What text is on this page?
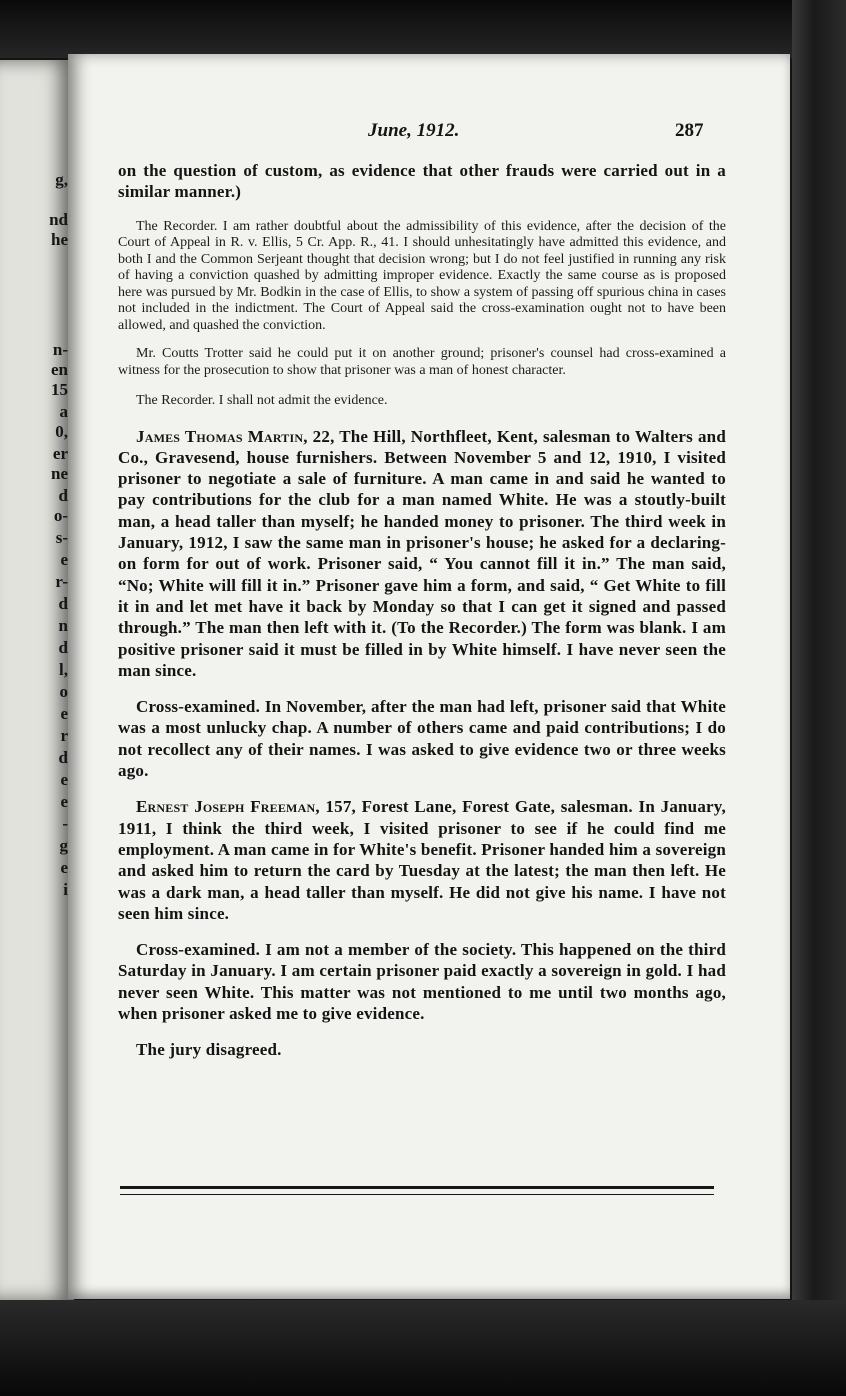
g,
nd
he
n-
en
15
a
0,
er
ne
d
o-
s-
e
r-
d
n
d
l,
o
e
r
d
e
e
-
g
e
i
June, 1912.	287

on the question of custom, as evidence that other frauds were carried out in a similar manner.)

The Recorder. I am rather doubtful about the admissibility of this evidence, after the decision of the Court of Appeal in R. v. Ellis, 5 Cr. App. R., 41. I should unhesitatingly have admitted this evidence, and both I and the Common Serjeant thought that decision wrong; but I do not feel justified in running any risk of having a conviction quashed by admitting improper evidence. Exactly the same course as is proposed here was pursued by Mr. Bodkin in the case of Ellis, to show a system of passing off spurious china in cases not included in the indictment. The Court of Appeal said the cross-examination ought not to have been allowed, and quashed the conviction.

Mr. Coutts Trotter said he could put it on another ground; prisoner's counsel had cross-examined a witness for the prosecution to show that prisoner was a man of honest character.

The Recorder. I shall not admit the evidence.

James Thomas Martin, 22, The Hill, Northfleet, Kent, salesman to Walters and Co., Gravesend, house furnishers. Between November 5 and 12, 1910, I visited prisoner to negotiate a sale of furniture. A man came in and said he wanted to pay contributions for the club for a man named White. He was a stoutly-built man, a head taller than myself; he handed money to prisoner. The third week in January, 1912, I saw the same man in prisoner's house; he asked for a declaring-on form for out of work. Prisoner said, “ You cannot fill it in.” The man said, “No; White will fill it in.” Prisoner gave him a form, and said, “ Get White to fill it in and let met have it back by Monday so that I can get it signed and passed through.” The man then left with it. (To the Recorder.) The form was blank. I am positive prisoner said it must be filled in by White himself. I have never seen the man since.

Cross-examined. In November, after the man had left, prisoner said that White was a most unlucky chap. A number of others came and paid contributions; I do not recollect any of their names. I was asked to give evidence two or three weeks ago.

Ernest Joseph Freeman, 157, Forest Lane, Forest Gate, salesman. In January, 1911, I think the third week, I visited prisoner to see if he could find me employment. A man came in for White's benefit. Prisoner handed him a sovereign and asked him to return the card by Tuesday at the latest; the man then left. He was a dark man, a head taller than myself. He did not give his name. I have not seen him since.

Cross-examined. I am not a member of the society. This happened on the third Saturday in January. I am certain prisoner paid exactly a sovereign in gold. I had never seen White. This matter was not mentioned to me until two months ago, when prisoner asked me to give evidence.

The jury disagreed.
